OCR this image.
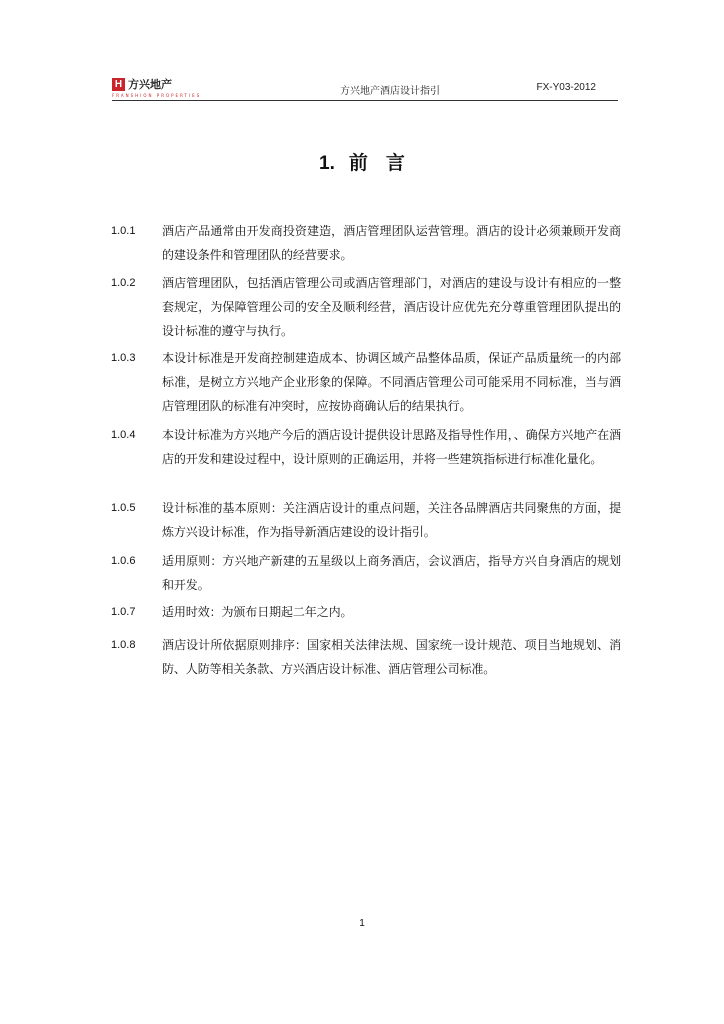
H 方兴地产
FRANSHION PROPERTIES	方兴地产酒店设计指引	FX-Y03-2012
1. 前 言
1.0.1 酒店产品通常由开发商投资建造，酒店管理团队运营管理。酒店的设计必须兼顾开发商的建设条件和管理团队的经营要求。
1.0.2 酒店管理团队，包括酒店管理公司或酒店管理部门，对酒店的建设与设计有相应的一整套规定，为保障管理公司的安全及顺利经营，酒店设计应优先充分尊重管理团队提出的设计标准的遵守与执行。
1.0.3 本设计标准是开发商控制建造成本、协调区域产品整体品质，保证产品质量统一的内部标准，是树立方兴地产企业形象的保障。不同酒店管理公司可能采用不同标准，当与酒店管理团队的标准有冲突时，应按协商确认后的结果执行。
1.0.4 本设计标准为方兴地产今后的酒店设计提供设计思路及指导性作用，、确保方兴地产在酒店的开发和建设过程中，设计原则的正确运用，并将一些建筑指标进行标准化量化。
1.0.5 设计标准的基本原则：关注酒店设计的重点问题，关注各品牌酒店共同聚焦的方面，提炼方兴设计标准，作为指导新酒店建设的设计指引。
1.0.6 适用原则：方兴地产新建的五星级以上商务酒店，会议酒店，指导方兴自身酒店的规划和开发。
1.0.7 适用时效：为颁布日期起二年之内。
1.0.8 酒店设计所依据原则排序：国家相关法律法规、国家统一设计规范、项目当地规划、消防、人防等相关条款、方兴酒店设计标准、酒店管理公司标准。
1
